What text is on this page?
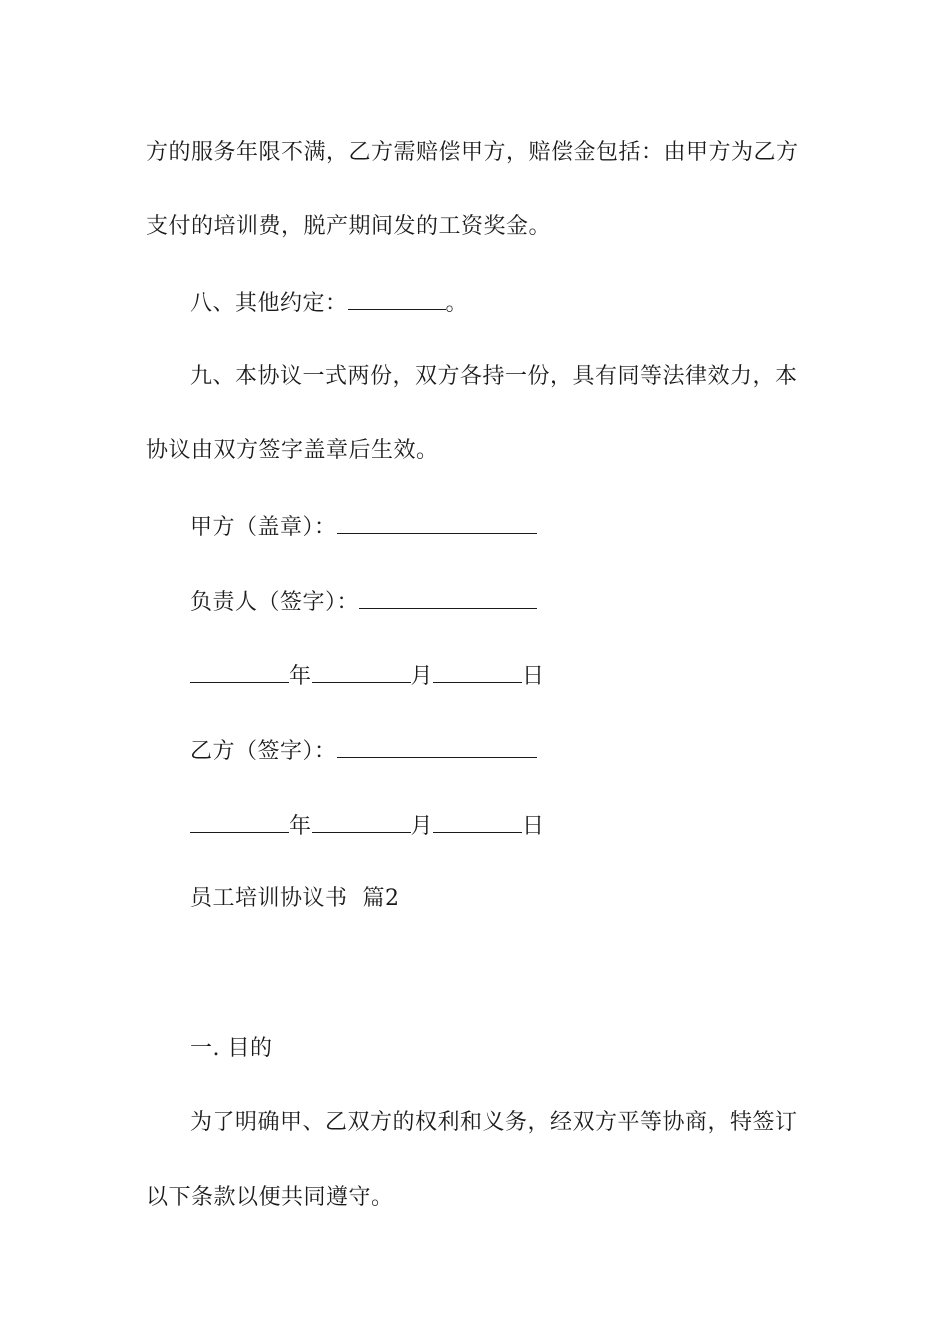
方的服务年限不满，乙方需赔偿甲方，赔偿金包括：由甲方为乙方
支付的培训费，脱产期间发的工资奖金。
八、其他约定：	。
九、本协议一式两份，双方各持一份，具有同等法律效力，本
协议由双方签字盖章后生效。
甲方（盖章）：
负责人（签字）：
年	月	日
乙方（签字）：
年	月	日
员工培训协议书  篇2
一. 目的
为了明确甲、乙双方的权利和义务，经双方平等协商，特签订
以下条款以便共同遵守。
